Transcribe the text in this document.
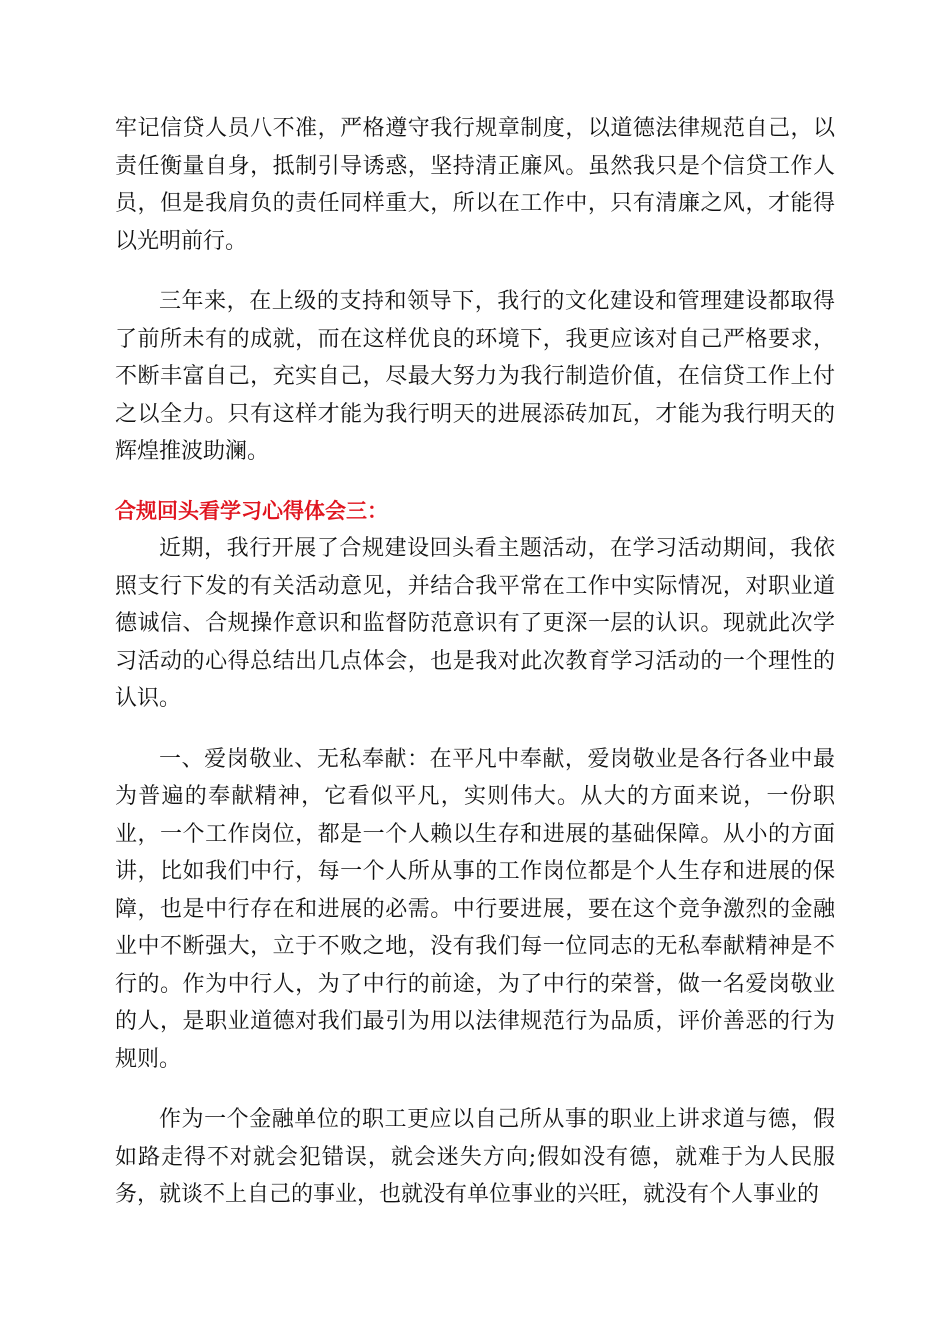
牢记信贷人员八不准，严格遵守我行规章制度，以道德法律规范自己，以责任衡量自身，抵制引导诱惑，坚持清正廉风。虽然我只是个信贷工作人员，但是我肩负的责任同样重大，所以在工作中，只有清廉之风，才能得以光明前行。

三年来，在上级的支持和领导下，我行的文化建设和管理建设都取得了前所未有的成就，而在这样优良的环境下，我更应该对自己严格要求，不断丰富自己，充实自己，尽最大努力为我行制造价值，在信贷工作上付之以全力。只有这样才能为我行明天的进展添砖加瓦，才能为我行明天的辉煌推波助澜。

合规回头看学习心得体会三：

近期，我行开展了合规建设回头看主题活动，在学习活动期间，我依照支行下发的有关活动意见，并结合我平常在工作中实际情况，对职业道德诚信、合规操作意识和监督防范意识有了更深一层的认识。现就此次学习活动的心得总结出几点体会，也是我对此次教育学习活动的一个理性的认识。

一、爱岗敬业、无私奉献：在平凡中奉献，爱岗敬业是各行各业中最为普遍的奉献精神，它看似平凡，实则伟大。从大的方面来说，一份职业，一个工作岗位，都是一个人赖以生存和进展的基础保障。从小的方面讲，比如我们中行，每一个人所从事的工作岗位都是个人生存和进展的保障，也是中行存在和进展的必需。中行要进展，要在这个竞争激烈的金融业中不断强大，立于不败之地，没有我们每一位同志的无私奉献精神是不行的。作为中行人，为了中行的前途，为了中行的荣誉，做一名爱岗敬业的人，是职业道德对我们最引为用以法律规范行为品质，评价善恶的行为规则。

作为一个金融单位的职工更应以自己所从事的职业上讲求道与德，假如路走得不对就会犯错误，就会迷失方向;假如没有德，就难于为人民服务，就谈不上自己的事业，也就没有单位事业的兴旺，就没有个人事业的
